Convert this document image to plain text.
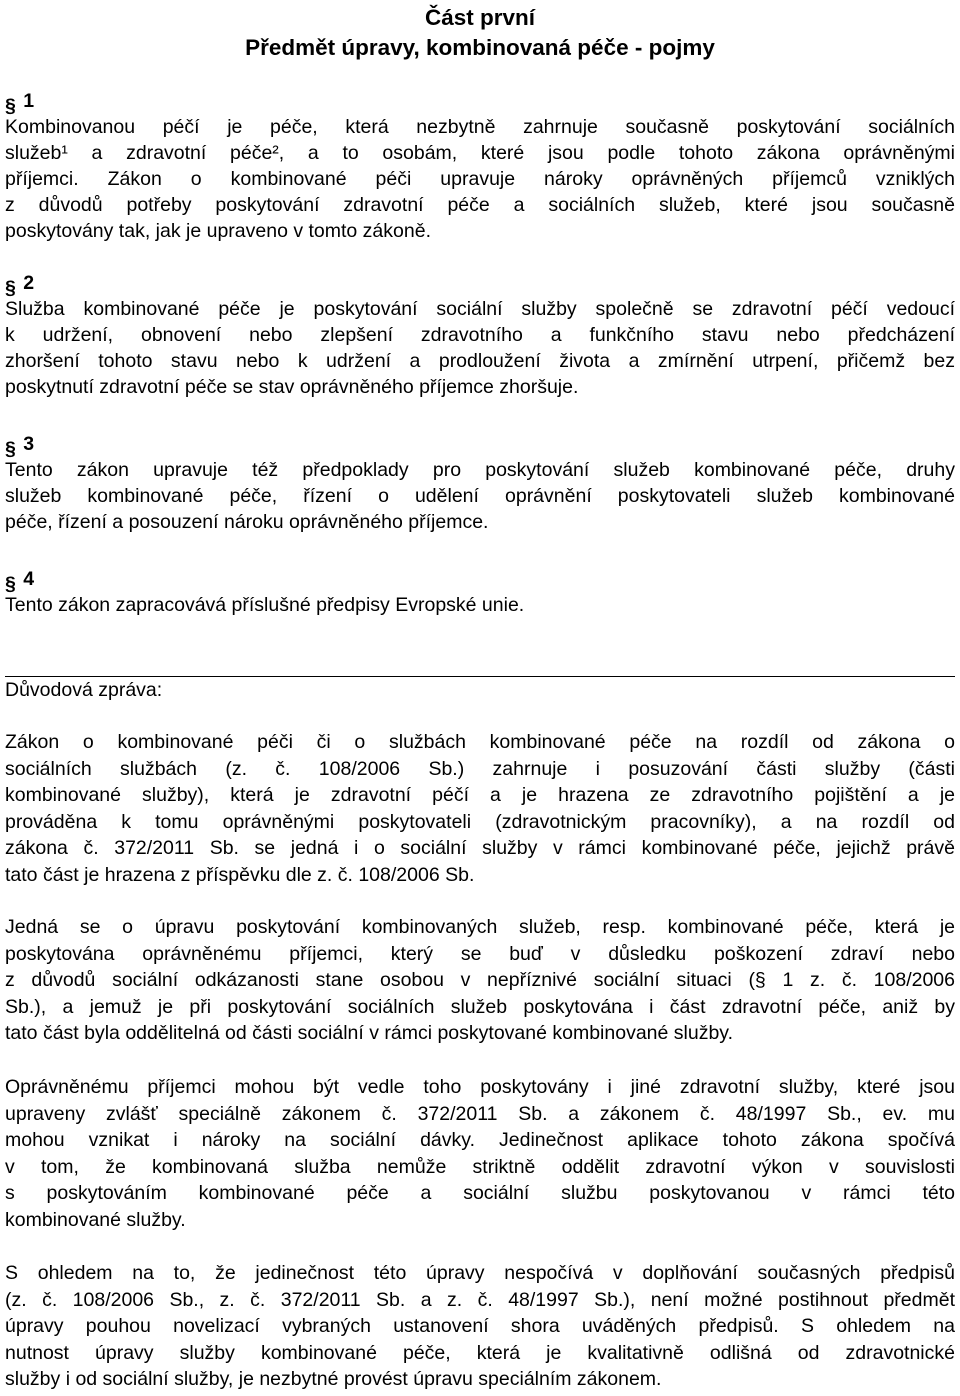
Část první
Předmět úpravy, kombinovaná péče - pojmy
§ 1
Kombinovanou péčí je péče, která nezbytně zahrnuje současně poskytování sociálních
služeb¹ a zdravotní péče², a to osobám, které jsou podle tohoto zákona oprávněnými
příjemci. Zákon o kombinované péči upravuje nároky oprávněných příjemců vzniklých
z důvodů potřeby poskytování zdravotní péče a sociálních služeb, které jsou současně
poskytovány tak, jak je upraveno v tomto zákoně.
§ 2
Služba kombinované péče je poskytování sociální služby společně se zdravotní péčí vedoucí
k udržení, obnovení nebo zlepšení zdravotního a funkčního stavu nebo předcházení
zhoršení tohoto stavu nebo k udržení a prodloužení života a zmírnění utrpení, přičemž bez
poskytnutí zdravotní péče se stav oprávněného příjemce zhoršuje.
§ 3
Tento zákon upravuje též předpoklady pro poskytování služeb kombinované péče, druhy
služeb kombinované péče, řízení o udělení oprávnění poskytovateli služeb kombinované
péče, řízení a posouzení nároku oprávněného příjemce.
§ 4
Tento zákon zapracovává příslušné předpisy Evropské unie.
Důvodová zpráva:
Zákon o kombinované péči či o službách kombinované péče na rozdíl od zákona o
sociálních službách (z. č. 108/2006 Sb.) zahrnuje i posuzování části služby (části
kombinované služby), která je zdravotní péčí a je hrazena ze zdravotního pojištění a je
prováděna k tomu oprávněnými poskytovateli (zdravotnickým pracovníky), a na rozdíl od
zákona č. 372/2011 Sb. se jedná i o sociální služby v rámci kombinované péče, jejichž právě
tato část je hrazena z příspěvku dle z. č. 108/2006 Sb.
Jedná se o úpravu poskytování kombinovaných služeb, resp. kombinované péče, která je
poskytována oprávněnému příjemci, který se buď v důsledku poškození zdraví nebo
z důvodů sociální odkázanosti stane osobou v nepříznivé sociální situaci (§ 1 z. č. 108/2006
Sb.), a jemuž je při poskytování sociálních služeb poskytována i část zdravotní péče, aniž by
tato část byla oddělitelná od části sociální v rámci poskytované kombinované služby.
Oprávněnému příjemci mohou být vedle toho poskytovány i jiné zdravotní služby, které jsou
upraveny zvlášť speciálně zákonem č. 372/2011 Sb. a zákonem č. 48/1997 Sb., ev. mu
mohou vznikat i nároky na sociální dávky. Jedinečnost aplikace tohoto zákona spočívá
v tom, že kombinovaná služba nemůže striktně oddělit zdravotní výkon v souvislosti
s poskytováním kombinované péče a sociální službu poskytovanou v rámci této
kombinované služby.
S ohledem na to, že jedinečnost této úpravy nespočívá v doplňování současných předpisů
(z. č. 108/2006 Sb., z. č. 372/2011 Sb. a z. č. 48/1997 Sb.), není možné postihnout předmět
úpravy pouhou novelizací vybraných ustanovení shora uváděných předpisů. S ohledem na
nutnost úpravy služby kombinované péče, která je kvalitativně odlišná od zdravotnické
služby i od sociální služby, je nezbytné provést úpravu speciálním zákonem.
